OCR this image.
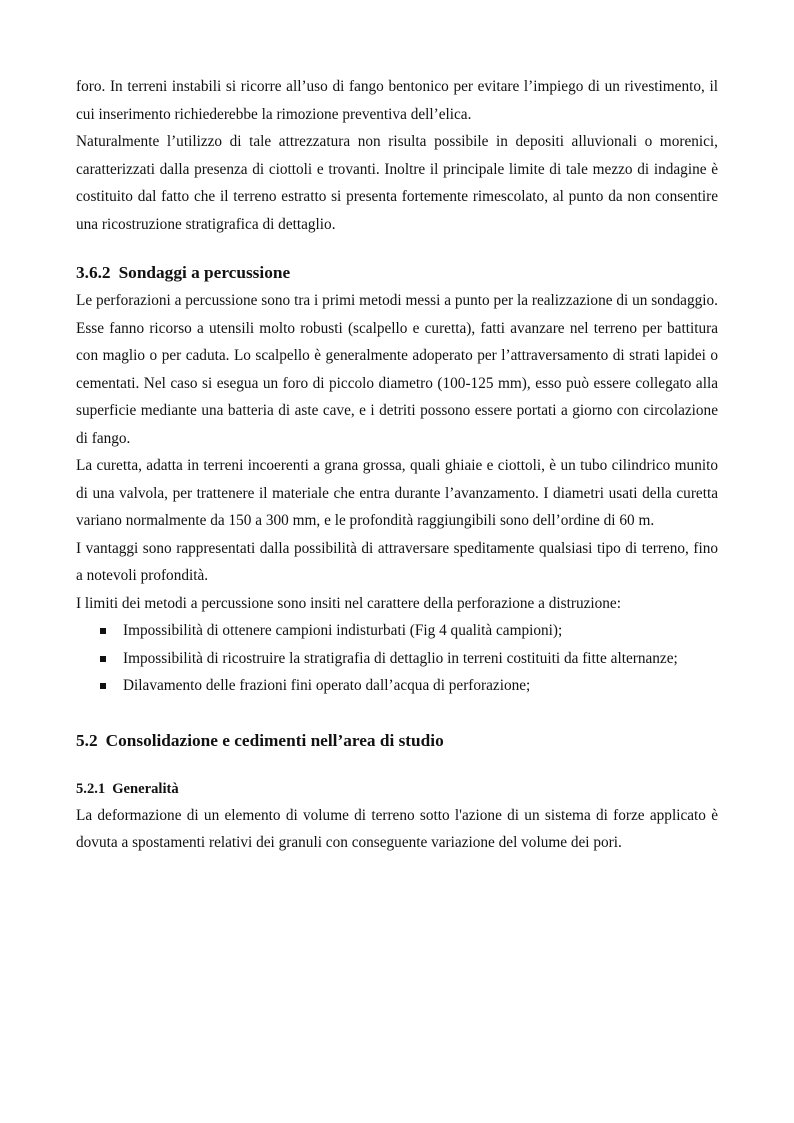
foro. In terreni instabili si ricorre all’uso di fango bentonico per evitare l’impiego di un rivestimento, il cui inserimento richiederebbe la rimozione preventiva dell’elica.

Naturalmente l’utilizzo di tale attrezzatura non risulta possibile in depositi alluvionali o morenici, caratterizzati dalla presenza di ciottoli e trovanti. Inoltre il principale limite di tale mezzo di indagine è costituito dal fatto che il terreno estratto si presenta fortemente rimescolato, al punto da non consentire una ricostruzione stratigrafica di dettaglio.

3.6.2 Sondaggi a percussione

Le perforazioni a percussione sono tra i primi metodi messi a punto per la realizzazione di un sondaggio. Esse fanno ricorso a utensili molto robusti (scalpello e curetta), fatti avanzare nel terreno per battitura con maglio o per caduta. Lo scalpello è generalmente adoperato per l’attraversamento di strati lapidei o cementati. Nel caso si esegua un foro di piccolo diametro (100-125 mm), esso può essere collegato alla superficie mediante una batteria di aste cave, e i detriti possono essere portati a giorno con circolazione di fango.

La curetta, adatta in terreni incoerenti a grana grossa, quali ghiaie e ciottoli, è un tubo cilindrico munito di una valvola, per trattenere il materiale che entra durante l’avanzamento. I diametri usati della curetta variano normalmente da 150 a 300 mm, e le profondità raggiungibili sono dell’ordine di 60 m.

I vantaggi sono rappresentati dalla possibilità di attraversare speditamente qualsiasi tipo di terreno, fino a notevoli profondità.

I limiti dei metodi a percussione sono insiti nel carattere della perforazione a distruzione:

Impossibilità di ottenere campioni indisturbati (Fig 4 qualità campioni);
Impossibilità di ricostruire la stratigrafia di dettaglio in terreni costituiti da fitte alternanze;
Dilavamento delle frazioni fini operato dall’acqua di perforazione;
5.2 Consolidazione e cedimenti nell’area di studio
5.2.1 Generalità

La deformazione di un elemento di volume di terreno sotto l'azione di un sistema di forze applicato è dovuta a spostamenti relativi dei granuli con conseguente variazione del volume dei pori.
